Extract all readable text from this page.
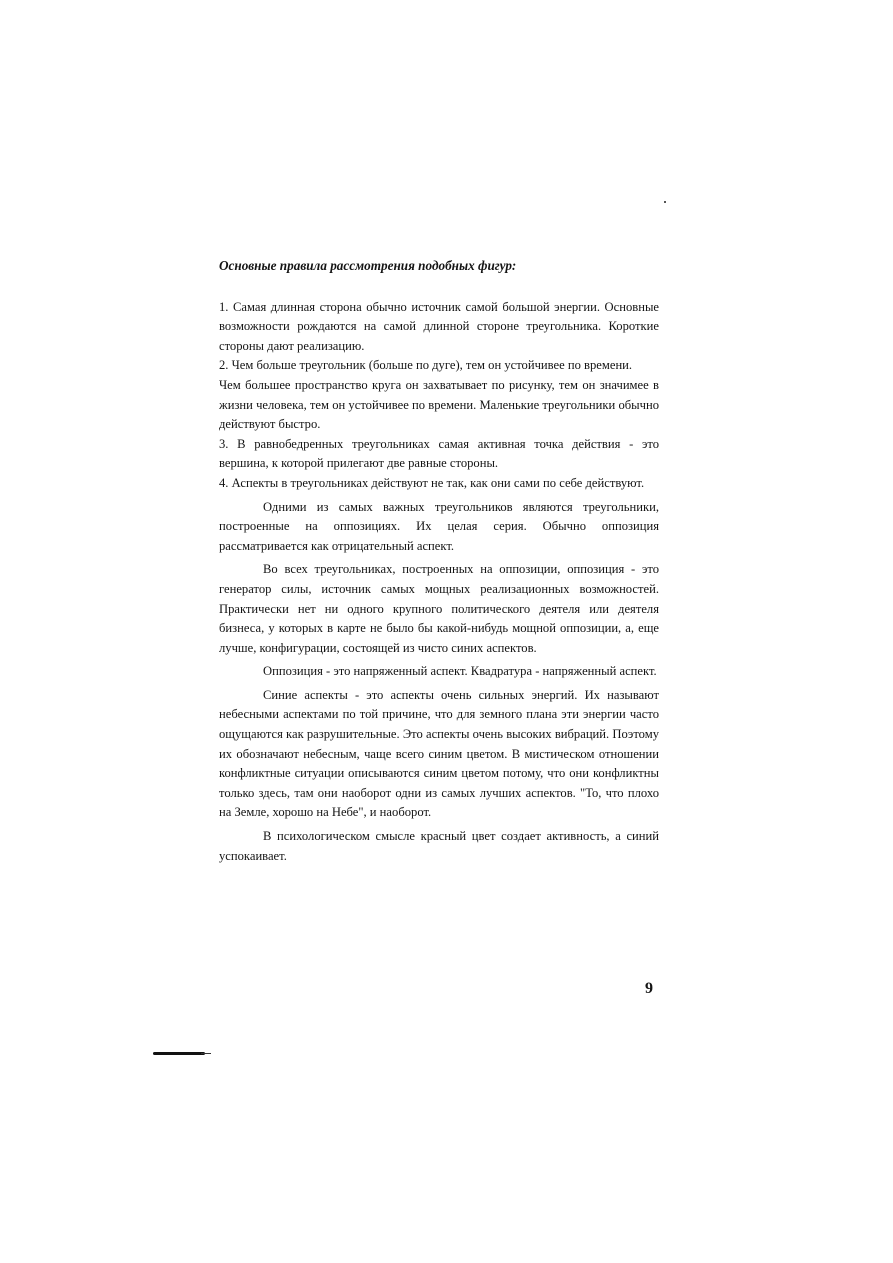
Основные правила рассмотрения подобных фигур:

1. Самая длинная сторона обычно источник самой большой энергии. Основные возможности рождаются на самой длинной стороне треугольника. Короткие стороны дают реализацию.

2. Чем больше треугольник (больше по дуге), тем он устойчивее по времени.

Чем большее пространство круга он захватывает по рисунку, тем он значимее в жизни человека, тем он устойчивее по времени. Маленькие треугольники обычно действуют быстро.

3. В равнобедренных треугольниках самая активная точка действия - это вершина, к которой прилегают две равные стороны.

4. Аспекты в треугольниках действуют не так, как они сами по себе действуют.

Одними из самых важных треугольников являются треугольники, построенные на оппозициях. Их целая серия. Обычно оппозиция рассматривается как отрицательный аспект.

Во всех треугольниках, построенных на оппозиции, оппозиция - это генератор силы, источник самых мощных реализационных возможностей. Практически нет ни одного крупного политического деятеля или деятеля бизнеса, у которых в карте не было бы какой-нибудь мощной оппозиции, а, еще лучше, конфигурации, состоящей из чисто синих аспектов.

Оппозиция - это напряженный аспект. Квадратура - напряженный аспект.

Синие аспекты - это аспекты очень сильных энергий. Их называют небесными аспектами по той причине, что для земного плана эти энергии часто ощущаются как разрушительные. Это аспекты очень высоких вибраций. Поэтому их обозначают небесным, чаще всего синим цветом. В мистическом отношении конфликтные ситуации описываются синим цветом потому, что они конфликтны только здесь, там они наоборот одни из самых лучших аспектов. "То, что плохо на Земле, хорошо на Небе", и наоборот.

В психологическом смысле красный цвет создает активность, а синий успокаивает.

9
